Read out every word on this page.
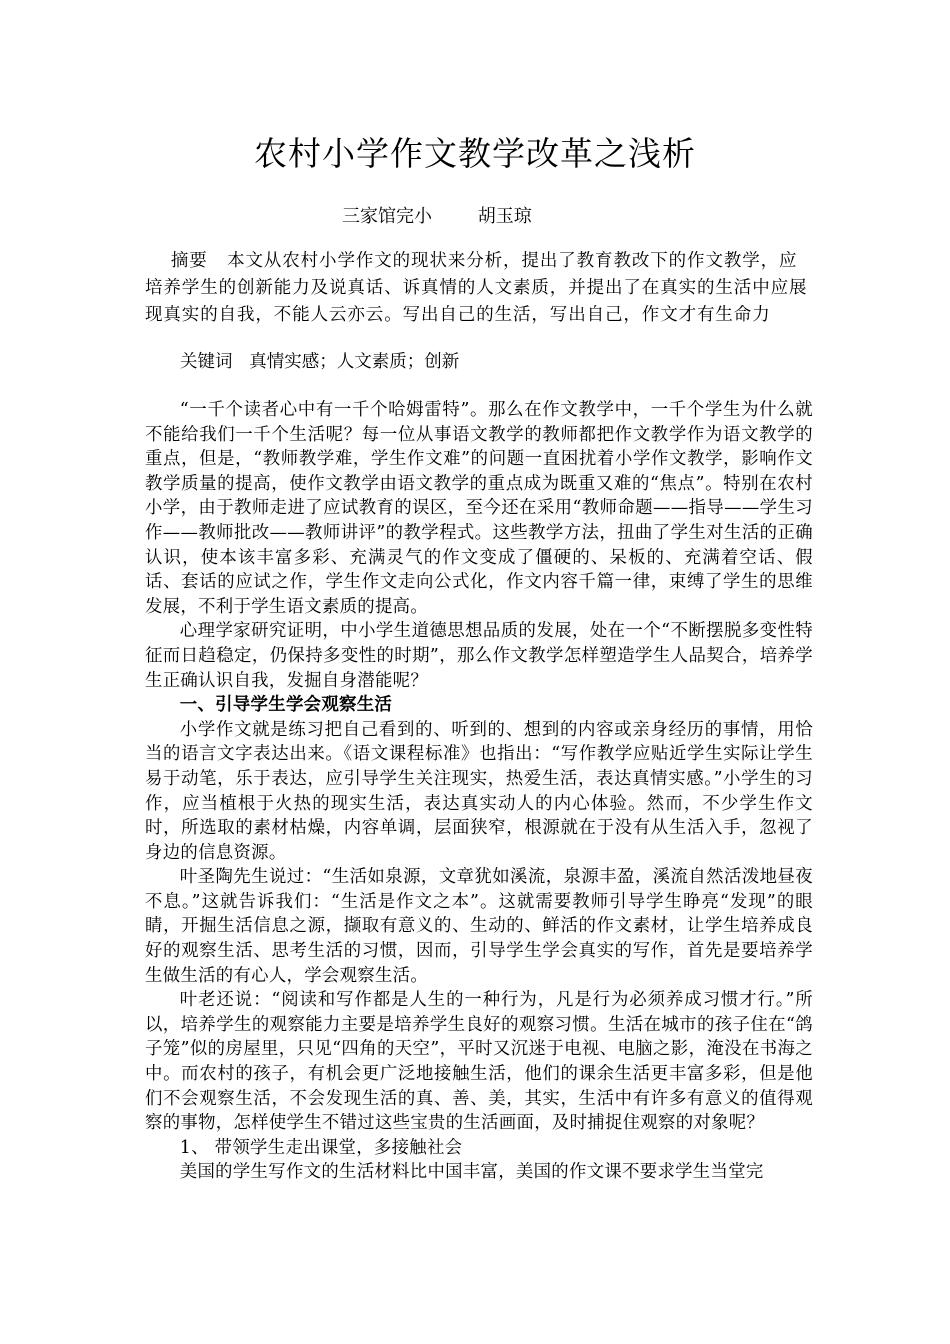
农村小学作文教学改革之浅析
三家馆完小        胡玉琼
摘要 本文从农村小学作文的现状来分析，提出了教育教改下的作文教学，应培养学生的创新能力及说真话、诉真情的人文素质，并提出了在真实的生活中应展现真实的自我，不能人云亦云。写出自己的生活，写出自己，作文才有生命力
关键词 真情实感；人文素质；创新

“一千个读者心中有一千个哈姆雷特”。那么在作文教学中，一千个学生为什么就不能给我们一千个生活呢？每一位从事语文教学的教师都把作文教学作为语文教学的重点，但是，“教师教学难，学生作文难”的问题一直困扰着小学作文教学，影响作文教学质量的提高，使作文教学由语文教学的重点成为既重又难的“焦点”。特别在农村小学，由于教师走进了应试教育的误区，至今还在采用“教师命题——指导——学生习作——教师批改——教师讲评”的教学程式。这些教学方法，扭曲了学生对生活的正确认识，使本该丰富多彩、充满灵气的作文变成了僵硬的、呆板的、充满着空话、假话、套话的应试之作，学生作文走向公式化，作文内容千篇一律，束缚了学生的思维发展，不利于学生语文素质的提高。

心理学家研究证明，中小学生道德思想品质的发展，处在一个“不断摆脱多变性特征而日趋稳定，仍保持多变性的时期”，那么作文教学怎样塑造学生人品契合，培养学生正确认识自我，发掘自身潜能呢？

一、引导学生学会观察生活

小学作文就是练习把自己看到的、听到的、想到的内容或亲身经历的事情，用恰当的语言文字表达出来。《语文课程标准》也指出：“写作教学应贴近学生实际让学生易于动笔，乐于表达，应引导学生关注现实，热爱生活，表达真情实感。”小学生的习作，应当植根于火热的现实生活，表达真实动人的内心体验。然而，不少学生作文时，所选取的素材枯燥，内容单调，层面狭窄，根源就在于没有从生活入手，忽视了身边的信息资源。

叶圣陶先生说过：“生活如泉源，文章犹如溪流，泉源丰盈，溪流自然活泼地昼夜不息。”这就告诉我们：“生活是作文之本”。这就需要教师引导学生睁亮“发现”的眼睛，开掘生活信息之源，撷取有意义的、生动的、鲜活的作文素材，让学生培养成良好的观察生活、思考生活的习惯，因而，引导学生学会真实的写作，首先是要培养学生做生活的有心人，学会观察生活。

叶老还说：“阅读和写作都是人生的一种行为，凡是行为必须养成习惯才行。”所以，培养学生的观察能力主要是培养学生良好的观察习惯。生活在城市的孩子住在“鸽子笼”似的房屋里，只见“四角的天空”，平时又沉迷于电视、电脑之影，淹没在书海之中。而农村的孩子，有机会更广泛地接触生活，他们的课余生活更丰富多彩，但是他们不会观察生活，不会发现生活的真、善、美，其实，生活中有许多有意义的值得观察的事物，怎样使学生不错过这些宝贵的生活画面，及时捕捉住观察的对象呢？

1、 带领学生走出课堂，多接触社会

美国的学生写作文的生活材料比中国丰富，美国的作文课不要求学生当堂完
